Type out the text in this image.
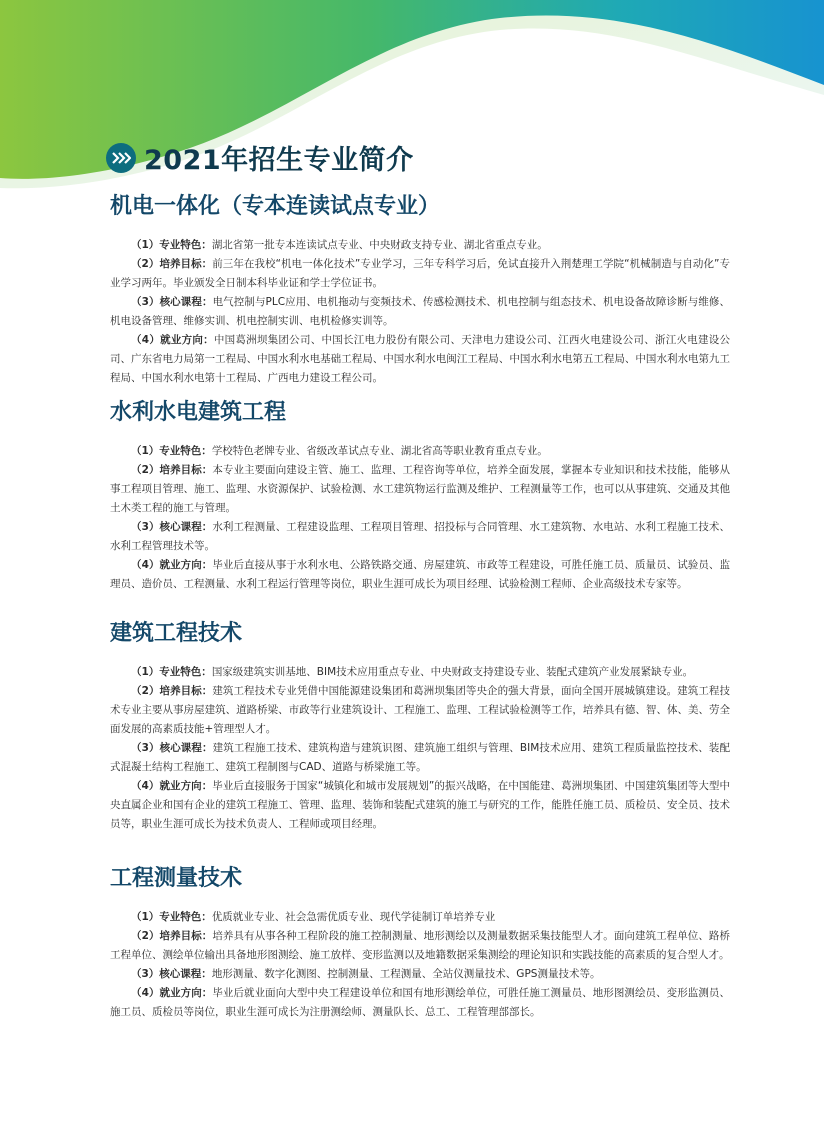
2021年招生专业简介
机电一体化（专本连读试点专业）

（1）专业特色：湖北省第一批专本连读试点专业、中央财政支持专业、湖北省重点专业。

（2）培养目标：前三年在我校“机电一体化技术”专业学习，三年专科学习后，免试直接升入荆楚理工学院“机械制造与自动化”专业学习两年。毕业颁发全日制本科毕业证和学士学位证书。

（3）核心课程：电气控制与PLC应用、电机拖动与变频技术、传感检测技术、机电控制与组态技术、机电设备故障诊断与维修、机电设备管理、维修实训、机电控制实训、电机检修实训等。

（4）就业方向：中国葛洲坝集团公司、中国长江电力股份有限公司、天津电力建设公司、江西火电建设公司、浙江火电建设公司、广东省电力局第一工程局、中国水利水电基础工程局、中国水利水电闽江工程局、中国水利水电第五工程局、中国水利水电第九工程局、中国水利水电第十工程局、广西电力建设工程公司。

水利水电建筑工程

（1）专业特色：学校特色老牌专业、省级改革试点专业、湖北省高等职业教育重点专业。

（2）培养目标：本专业主要面向建设主管、施工、监理、工程咨询等单位，培养全面发展，掌握本专业知识和技术技能，能够从事工程项目管理、施工、监理、水资源保护、试验检测、水工建筑物运行监测及维护、工程测量等工作，也可以从事建筑、交通及其他土木类工程的施工与管理。

（3）核心课程：水利工程测量、工程建设监理、工程项目管理、招投标与合同管理、水工建筑物、水电站、水利工程施工技术、水利工程管理技术等。

（4）就业方向：毕业后直接从事于水利水电、公路铁路交通、房屋建筑、市政等工程建设，可胜任施工员、质量员、试验员、监理员、造价员、工程测量、水利工程运行管理等岗位，职业生涯可成长为项目经理、试验检测工程师、企业高级技术专家等。

建筑工程技术

（1）专业特色：国家级建筑实训基地、BIM技术应用重点专业、中央财政支持建设专业、装配式建筑产业发展紧缺专业。

（2）培养目标：建筑工程技术专业凭借中国能源建设集团和葛洲坝集团等央企的强大背景，面向全国开展城镇建设。建筑工程技术专业主要从事房屋建筑、道路桥梁、市政等行业建筑设计、工程施工、监理、工程试验检测等工作，培养具有德、智、体、美、劳全面发展的高素质技能+管理型人才。

（3）核心课程：建筑工程施工技术、建筑构造与建筑识图、建筑施工组织与管理、BIM技术应用、建筑工程质量监控技术、装配式混凝土结构工程施工、建筑工程制图与CAD、道路与桥梁施工等。

（4）就业方向：毕业后直接服务于国家“城镇化和城市发展规划”的振兴战略，在中国能建、葛洲坝集团、中国建筑集团等大型中央直属企业和国有企业的建筑工程施工、管理、监理、装饰和装配式建筑的施工与研究的工作，能胜任施工员、质检员、安全员、技术员等，职业生涯可成长为技术负责人、工程师或项目经理。

工程测量技术

（1）专业特色：优质就业专业、社会急需优质专业、现代学徒制订单培养专业

（2）培养目标：培养具有从事各种工程阶段的施工控制测量、地形测绘以及测量数据采集技能型人才。面向建筑工程单位、路桥工程单位、测绘单位输出具备地形图测绘、施工放样、变形监测以及地籍数据采集测绘的理论知识和实践技能的高素质的复合型人才。

（3）核心课程：地形测量、数字化测图、控制测量、工程测量、全站仪测量技术、GPS测量技术等。

（4）就业方向：毕业后就业面向大型中央工程建设单位和国有地形测绘单位，可胜任施工测量员、地形图测绘员、变形监测员、施工员、质检员等岗位，职业生涯可成长为注册测绘师、测量队长、总工、工程管理部部长。
